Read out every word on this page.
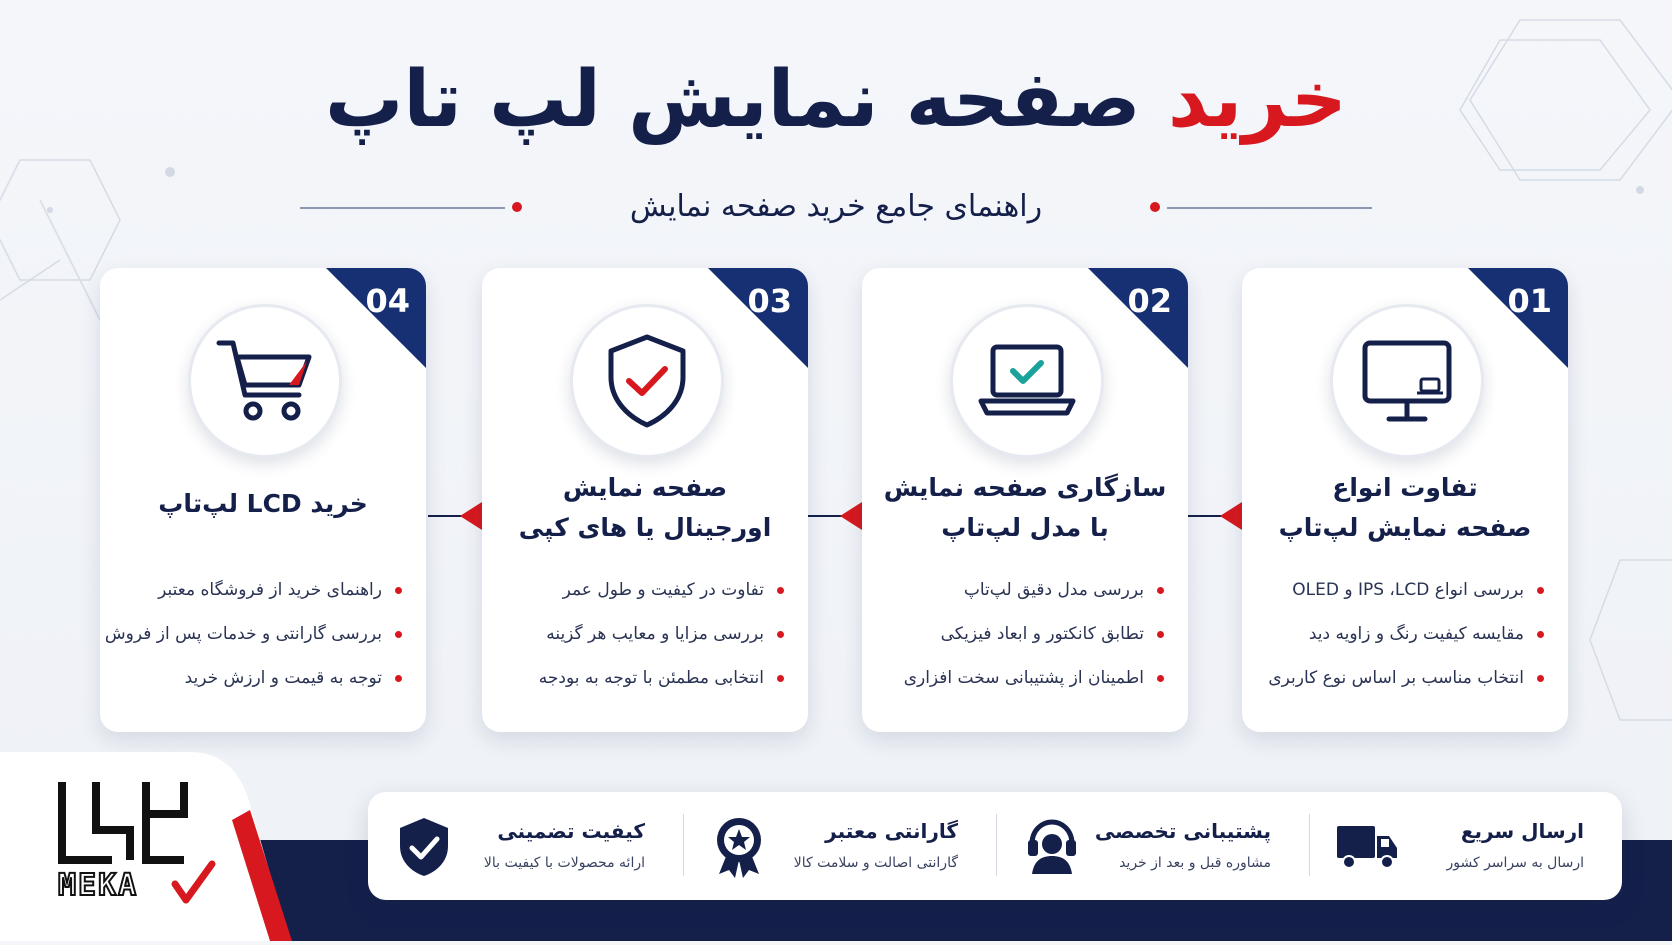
خرید صفحه نمایش لپ تاپ
راهنمای جامع خرید صفحه نمایش
01
تفاوت انواع
صفحه نمایش لپ‌تاپ
بررسی انواع IPS ،LCD و OLED
مقایسه کیفیت رنگ و زاویه دید
انتخاب مناسب بر اساس نوع کاربری
02
سازگاری صفحه نمایش
با مدل لپ‌تاپ
بررسی مدل دقیق لپ‌تاپ
تطابق کانکتور و ابعاد فیزیکی
اطمینان از پشتیبانی سخت افزاری
03
صفحه نمایش
اورجینال یا های کپی
تفاوت در کیفیت و طول عمر
بررسی مزایا و معایب هر گزینه
انتخابی مطمئن با توجه به بودجه
04
خرید LCD لپ‌تاپ
راهنمای خرید از فروشگاه معتبر
بررسی گارانتی و خدمات پس از فروش
توجه به قیمت و ارزش خرید
MEKA
ارسال سریع
ارسال به سراسر کشور
پشتیبانی تخصصی
مشاوره قبل و بعد از خرید
گارانتی معتبر
گارانتی اصالت و سلامت کالا
کیفیت تضمینی
ارائه محصولات با کیفیت بالا
